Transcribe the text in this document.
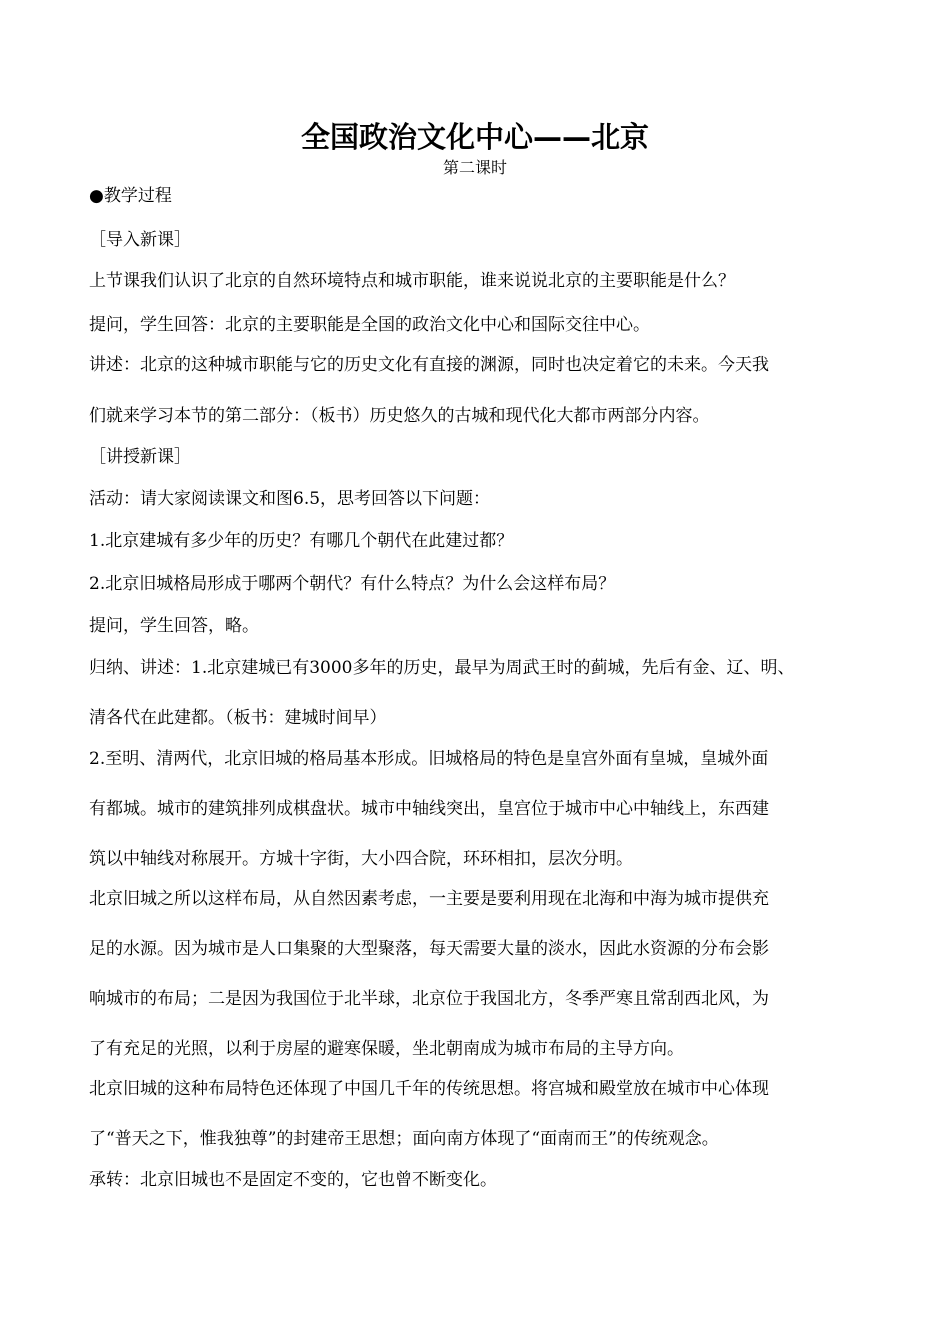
全国政治文化中心——北京
第二课时
●教学过程
［导入新课］
上节课我们认识了北京的自然环境特点和城市职能，谁来说说北京的主要职能是什么？
提问，学生回答：北京的主要职能是全国的政治文化中心和国际交往中心。
讲述：北京的这种城市职能与它的历史文化有直接的渊源，同时也决定着它的未来。今天我
们就来学习本节的第二部分：（板书）历史悠久的古城和现代化大都市两部分内容。
［讲授新课］
活动：请大家阅读课文和图6.5，思考回答以下问题：
1.北京建城有多少年的历史？有哪几个朝代在此建过都？
2.北京旧城格局形成于哪两个朝代？有什么特点？为什么会这样布局？
提问，学生回答，略。
归纳、讲述：1.北京建城已有3000多年的历史，最早为周武王时的蓟城，先后有金、辽、明、
清各代在此建都。（板书：建城时间早）
2.至明、清两代，北京旧城的格局基本形成。旧城格局的特色是皇宫外面有皇城，皇城外面
有都城。城市的建筑排列成棋盘状。城市中轴线突出，皇宫位于城市中心中轴线上，东西建
筑以中轴线对称展开。方城十字街，大小四合院，环环相扣，层次分明。
北京旧城之所以这样布局，从自然因素考虑，一主要是要利用现在北海和中海为城市提供充
足的水源。因为城市是人口集聚的大型聚落，每天需要大量的淡水，因此水资源的分布会影
响城市的布局；二是因为我国位于北半球，北京位于我国北方，冬季严寒且常刮西北风，为
了有充足的光照，以利于房屋的避寒保暖，坐北朝南成为城市布局的主导方向。
北京旧城的这种布局特色还体现了中国几千年的传统思想。将宫城和殿堂放在城市中心体现
了“普天之下，惟我独尊”的封建帝王思想；面向南方体现了“面南而王”的传统观念。
承转：北京旧城也不是固定不变的，它也曾不断变化。
